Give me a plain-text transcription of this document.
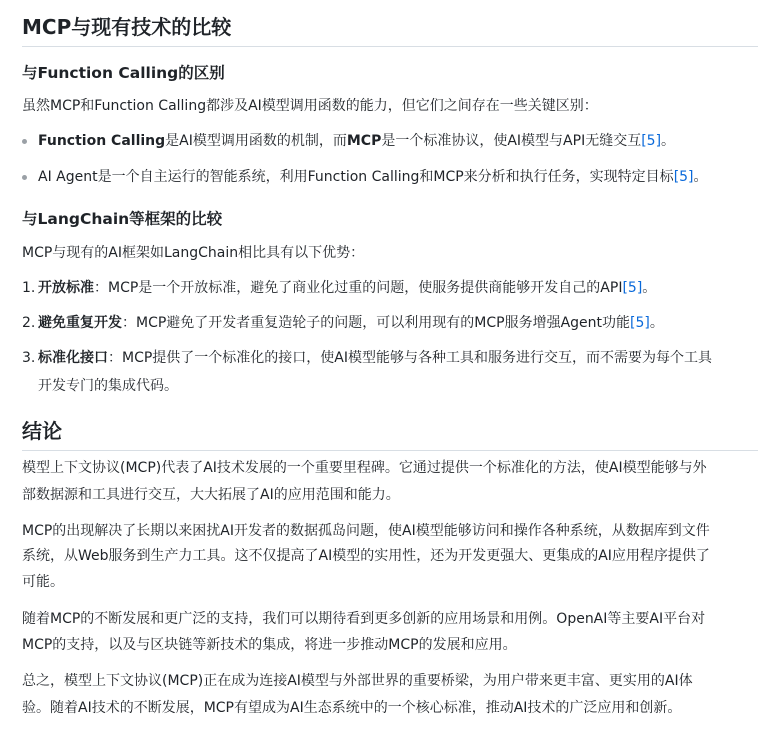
MCP与现有技术的比较
与Function Calling的区别
虽然MCP和Function Calling都涉及AI模型调用函数的能力，但它们之间存在一些关键区别：
Function Calling是AI模型调用函数的机制，而MCP是一个标准协议，使AI模型与API无缝交互[5]。
AI Agent是一个自主运行的智能系统，利用Function Calling和MCP来分析和执行任务，实现特定目标[5]。
与LangChain等框架的比较
MCP与现有的AI框架如LangChain相比具有以下优势：
1. 开放标准：MCP是一个开放标准，避免了商业化过重的问题，使服务提供商能够开发自己的API[5]。
2. 避免重复开发：MCP避免了开发者重复造轮子的问题，可以利用现有的MCP服务增强Agent功能[5]。
3. 标准化接口：MCP提供了一个标准化的接口，使AI模型能够与各种工具和服务进行交互，而不需要为每个工具
开发专门的集成代码。
结论
模型上下文协议(MCP)代表了AI技术发展的一个重要里程碑。它通过提供一个标准化的方法，使AI模型能够与外
部数据源和工具进行交互，大大拓展了AI的应用范围和能力。
MCP的出现解决了长期以来困扰AI开发者的数据孤岛问题，使AI模型能够访问和操作各种系统，从数据库到文件
系统，从Web服务到生产力工具。这不仅提高了AI模型的实用性，还为开发更强大、更集成的AI应用程序提供了
可能。
随着MCP的不断发展和更广泛的支持，我们可以期待看到更多创新的应用场景和用例。OpenAI等主要AI平台对
MCP的支持，以及与区块链等新技术的集成，将进一步推动MCP的发展和应用。
总之，模型上下文协议(MCP)正在成为连接AI模型与外部世界的重要桥梁，为用户带来更丰富、更实用的AI体
验。随着AI技术的不断发展，MCP有望成为AI生态系统中的一个核心标准，推动AI技术的广泛应用和创新。
